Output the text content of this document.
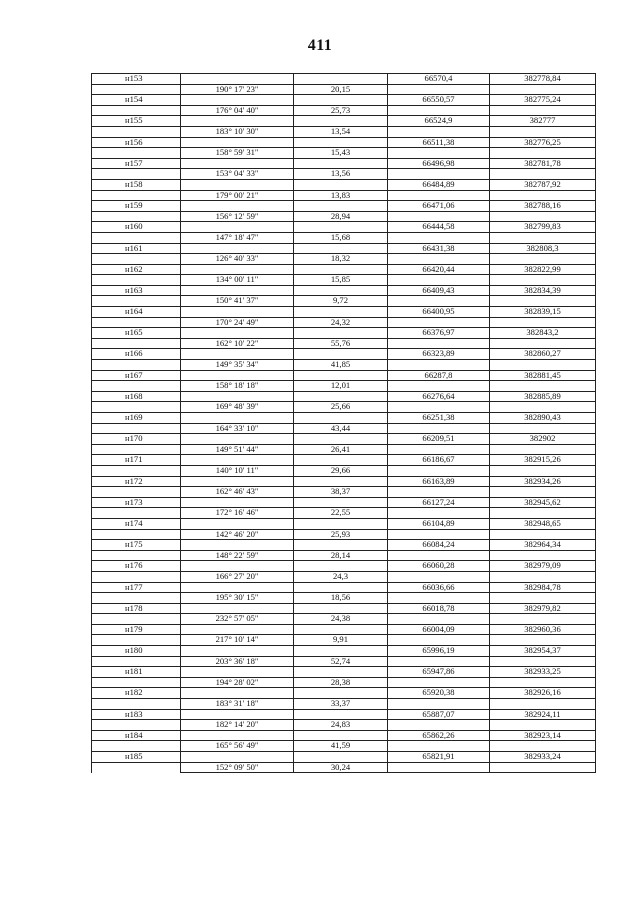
411
н153			66570,4	382778,84
	190° 17' 23"	20,15		
н154			66550,57	382775,24
	176° 04' 40"	25,73		
н155			66524,9	382777
	183° 10' 30"	13,54		
н156			66511,38	382776,25
	158° 59' 31"	15,43		
н157			66496,98	382781,78
	153° 04' 33"	13,56		
н158			66484,89	382787,92
	179° 00' 21"	13,83		
н159			66471,06	382788,16
	156° 12' 59"	28,94		
н160			66444,58	382799,83
	147° 18' 47"	15,68		
н161			66431,38	382808,3
	126° 40' 33"	18,32		
н162			66420,44	382822,99
	134° 00' 11"	15,85		
н163			66409,43	382834,39
	150° 41' 37"	9,72		
н164			66400,95	382839,15
	170° 24' 49"	24,32		
н165			66376,97	382843,2
	162° 10' 22"	55,76		
н166			66323,89	382860,27
	149° 35' 34"	41,85		
н167			66287,8	382881,45
	158° 18' 18"	12,01		
н168			66276,64	382885,89
	169° 48' 39"	25,66		
н169			66251,38	382890,43
	164° 33' 10"	43,44		
н170			66209,51	382902
	149° 51' 44"	26,41		
н171			66186,67	382915,26
	140° 10' 11"	29,66		
н172			66163,89	382934,26
	162° 46' 43"	38,37		
н173			66127,24	382945,62
	172° 16' 46"	22,55		
н174			66104,89	382948,65
	142° 46' 20"	25,93		
н175			66084,24	382964,34
	148° 22' 59"	28,14		
н176			66060,28	382979,09
	166° 27' 20"	24,3		
н177			66036,66	382984,78
	195° 30' 15"	18,56		
н178			66018,78	382979,82
	232° 57' 05"	24,38		
н179			66004,09	382960,36
	217° 10' 14"	9,91		
н180			65996,19	382954,37
	203° 36' 18"	52,74		
н181			65947,86	382933,25
	194° 28' 02"	28,38		
н182			65920,38	382926,16
	183° 31' 18"	33,37		
н183			65887,07	382924,11
	182° 14' 20"	24,83		
н184			65862,26	382923,14
	165° 56' 49"	41,59		
н185			65821,91	382933,24
	152° 09' 50"	30,24		
